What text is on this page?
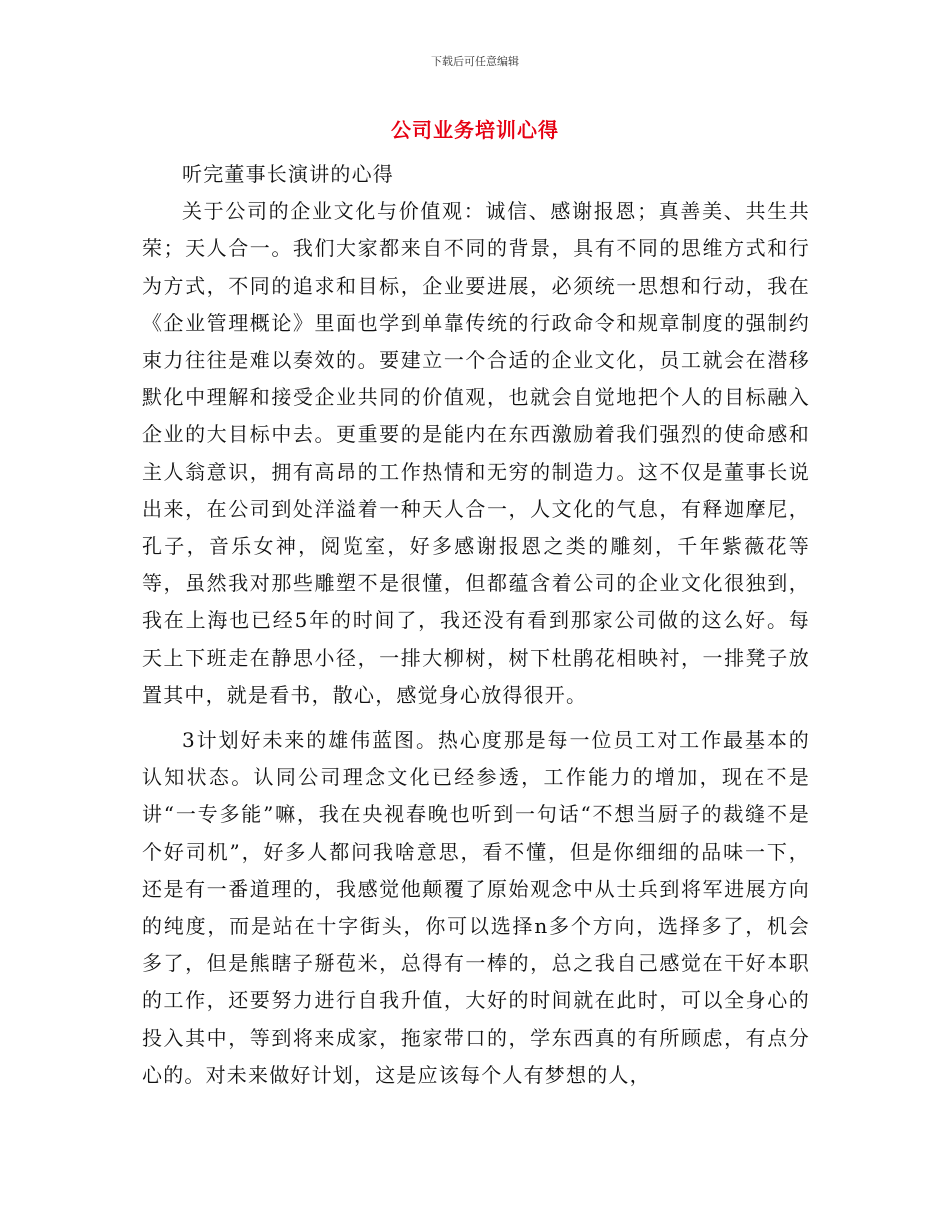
下载后可任意编辑
公司业务培训心得

听完董事长演讲的心得

关于公司的企业文化与价值观：诚信、感谢报恩；真善美、共生共荣；天人合一。我们大家都来自不同的背景，具有不同的思维方式和行为方式，不同的追求和目标，企业要进展，必须统一思想和行动，我在《企业管理概论》里面也学到单靠传统的行政命令和规章制度的强制约束力往往是难以奏效的。要建立一个合适的企业文化，员工就会在潜移默化中理解和接受企业共同的价值观，也就会自觉地把个人的目标融入企业的大目标中去。更重要的是能内在东西激励着我们强烈的使命感和主人翁意识，拥有高昂的工作热情和无穷的制造力。这不仅是董事长说出来，在公司到处洋溢着一种天人合一，人文化的气息，有释迦摩尼，孔子，音乐女神，阅览室，好多感谢报恩之类的雕刻，千年紫薇花等等，虽然我对那些雕塑不是很懂，但都蕴含着公司的企业文化很独到，我在上海也已经5年的时间了，我还没有看到那家公司做的这么好。每天上下班走在静思小径，一排大柳树，树下杜鹃花相映衬，一排凳子放置其中，就是看书，散心，感觉身心放得很开。

3计划好未来的雄伟蓝图。热心度那是每一位员工对工作最基本的认知状态。认同公司理念文化已经参透，工作能力的增加，现在不是讲“一专多能”嘛，我在央视春晚也听到一句话“不想当厨子的裁缝不是个好司机”，好多人都问我啥意思，看不懂，但是你细细的品味一下，还是有一番道理的，我感觉他颠覆了原始观念中从士兵到将军进展方向的纯度，而是站在十字街头，你可以选择n多个方向，选择多了，机会多了，但是熊瞎子掰苞米，总得有一棒的，总之我自己感觉在干好本职的工作，还要努力进行自我升值，大好的时间就在此时，可以全身心的投入其中，等到将来成家，拖家带口的，学东西真的有所顾虑，有点分心的。对未来做好计划，这是应该每个人有梦想的人，
